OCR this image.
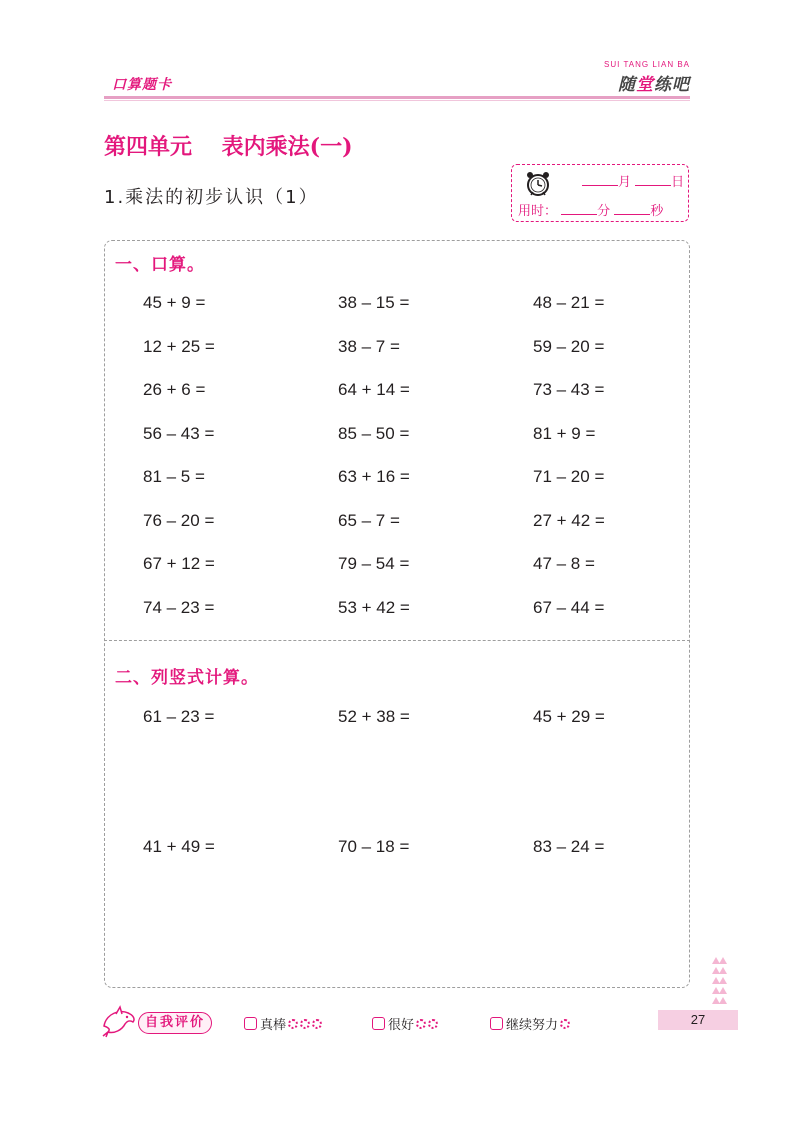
口算题卡
SUI TANG LIAN BA
随堂练吧
第四单元　 表内乘法(一)
1.乘法的初步认识（1）
月	日
用时：	分	秒
一、口算。
45 + 9 =	38 – 15 =	48 – 21 =
12 + 25 =	38 – 7 =	59 – 20 =
26 + 6 =	64 + 14 =	73 – 43 =
56 – 43 =	85 – 50 =	81 + 9 =
81 – 5 =	63 + 16 =	71 – 20 =
76 – 20 =	65 – 7 =	27 + 42 =
67 + 12 =	79 – 54 =	47 – 8 =
74 – 23 =	53 + 42 =	67 – 44 =
二、列竖式计算。
61 – 23 =	52 + 38 =	45 + 29 =
41 + 49 =	70 – 18 =	83 – 24 =
自我评价	真棒	很好	继续努力	27
